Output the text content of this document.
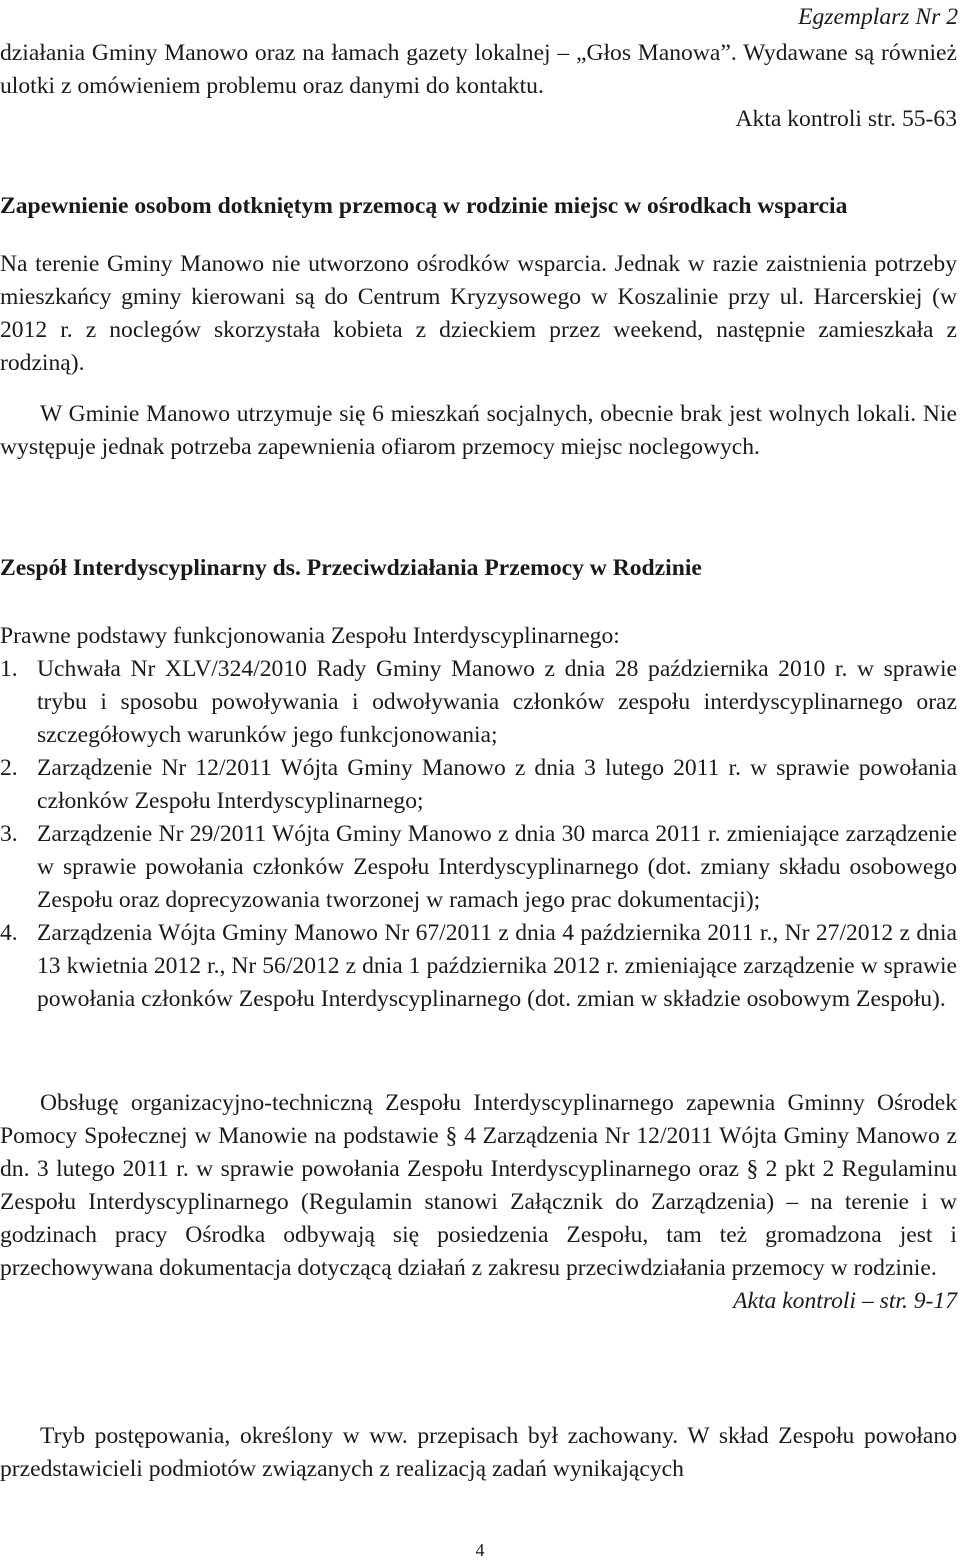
Egzemplarz Nr 2

działania Gminy Manowo oraz na łamach gazety lokalnej – „Głos Manowa”. Wydawane są również ulotki z omówieniem problemu oraz danymi do kontaktu.

Akta kontroli str. 55-63

Zapewnienie osobom dotkniętym przemocą w rodzinie miejsc w ośrodkach wsparcia

Na terenie Gminy Manowo nie utworzono ośrodków wsparcia. Jednak w razie zaistnienia potrzeby mieszkańcy gminy kierowani są do Centrum Kryzysowego w Koszalinie przy ul. Harcerskiej (w 2012 r. z noclegów skorzystała kobieta z dzieckiem przez weekend, następnie zamieszkała z rodziną).

W Gminie Manowo utrzymuje się 6 mieszkań socjalnych, obecnie brak jest wolnych lokali. Nie występuje jednak potrzeba zapewnienia ofiarom przemocy miejsc noclegowych.

Zespół Interdyscyplinarny ds. Przeciwdziałania Przemocy w Rodzinie

Prawne podstawy funkcjonowania Zespołu Interdyscyplinarnego:

1. Uchwała Nr XLV/324/2010 Rady Gminy Manowo z dnia 28 października 2010 r. w sprawie trybu i sposobu powoływania i odwoływania członków zespołu interdyscyplinarnego oraz szczegółowych warunków jego funkcjonowania;
2. Zarządzenie Nr 12/2011 Wójta Gminy Manowo z dnia 3 lutego 2011 r. w sprawie powołania członków Zespołu Interdyscyplinarnego;
3. Zarządzenie Nr 29/2011 Wójta Gminy Manowo z dnia 30 marca 2011 r. zmieniające zarządzenie w sprawie powołania członków Zespołu Interdyscyplinarnego (dot. zmiany składu osobowego Zespołu oraz doprecyzowania tworzonej w ramach jego prac dokumentacji);
4. Zarządzenia Wójta Gminy Manowo Nr 67/2011 z dnia 4 października 2011 r., Nr 27/2012 z dnia 13 kwietnia 2012 r., Nr 56/2012 z dnia 1 października 2012 r. zmieniające zarządzenie w sprawie powołania członków Zespołu Interdyscyplinarnego (dot. zmian w składzie osobowym Zespołu).

Obsługę organizacyjno-techniczną Zespołu Interdyscyplinarnego zapewnia Gminny Ośrodek Pomocy Społecznej w Manowie na podstawie § 4 Zarządzenia Nr 12/2011 Wójta Gminy Manowo z dn. 3 lutego 2011 r. w sprawie powołania Zespołu Interdyscyplinarnego oraz § 2 pkt 2 Regulaminu Zespołu Interdyscyplinarnego (Regulamin stanowi Załącznik do Zarządzenia) – na terenie i w godzinach pracy Ośrodka odbywają się posiedzenia Zespołu, tam też gromadzona jest i przechowywana dokumentacja dotyczącą działań z zakresu przeciwdziałania przemocy w rodzinie.

Akta kontroli – str. 9-17

Tryb postępowania, określony w ww. przepisach był zachowany. W skład Zespołu powołano przedstawicieli podmiotów związanych z realizacją zadań wynikających

4
